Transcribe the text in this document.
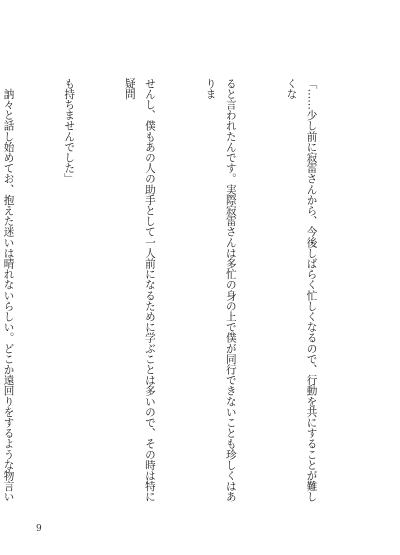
「……少し前に寂雷さんから、今後しばらく忙しくなるので、行動を共にすることが難しくな

ると言われたんです。実際寂雷さんは多忙の身の上で僕が同行できないことも珍しくはありま

せんし、僕もあの人の助手として一人前になるために学ぶことは多いので、その時は特に疑問

も持ちませんでした」

　訥々と話し始めてお、抱えた迷いは晴れないらしい。どこか遠回りをするような物言い

9
